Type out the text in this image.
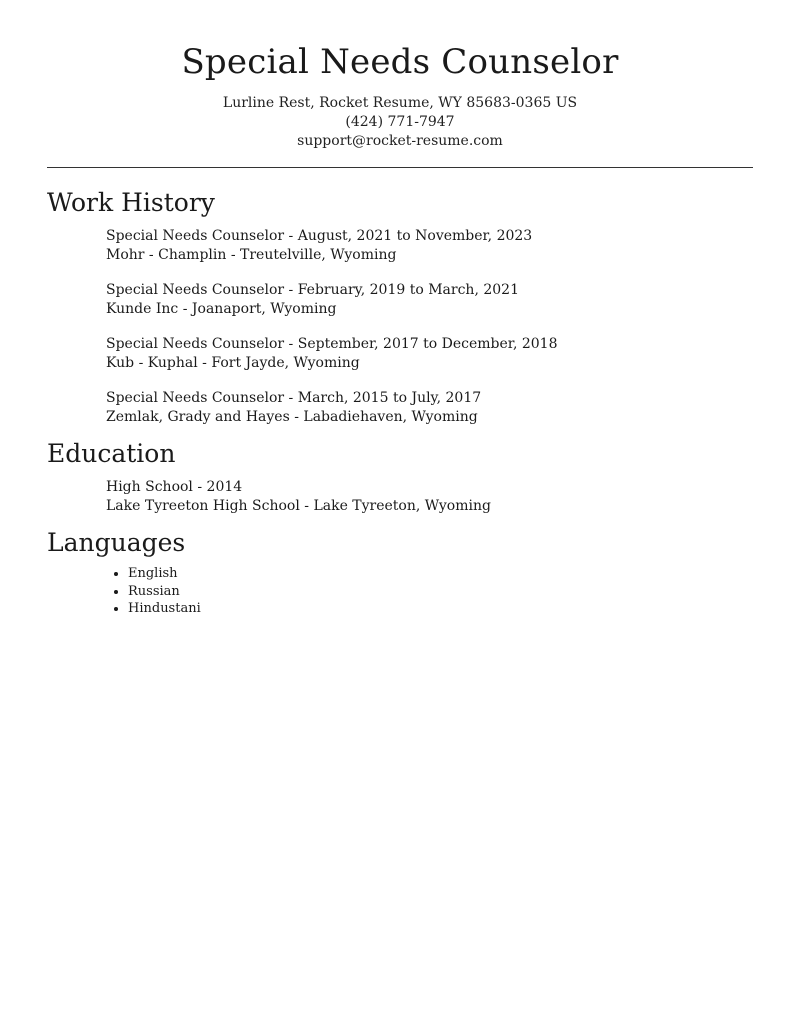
Special Needs Counselor
Lurline Rest, Rocket Resume, WY 85683-0365 US
(424) 771-7947
support@rocket-resume.com
Work History
Special Needs Counselor - August, 2021 to November, 2023
Mohr - Champlin - Treutelville, Wyoming
Special Needs Counselor - February, 2019 to March, 2021
Kunde Inc - Joanaport, Wyoming
Special Needs Counselor - September, 2017 to December, 2018
Kub - Kuphal - Fort Jayde, Wyoming
Special Needs Counselor - March, 2015 to July, 2017
Zemlak, Grady and Hayes - Labadiehaven, Wyoming
Education
High School - 2014
Lake Tyreeton High School - Lake Tyreeton, Wyoming
Languages
• English
• Russian
• Hindustani
